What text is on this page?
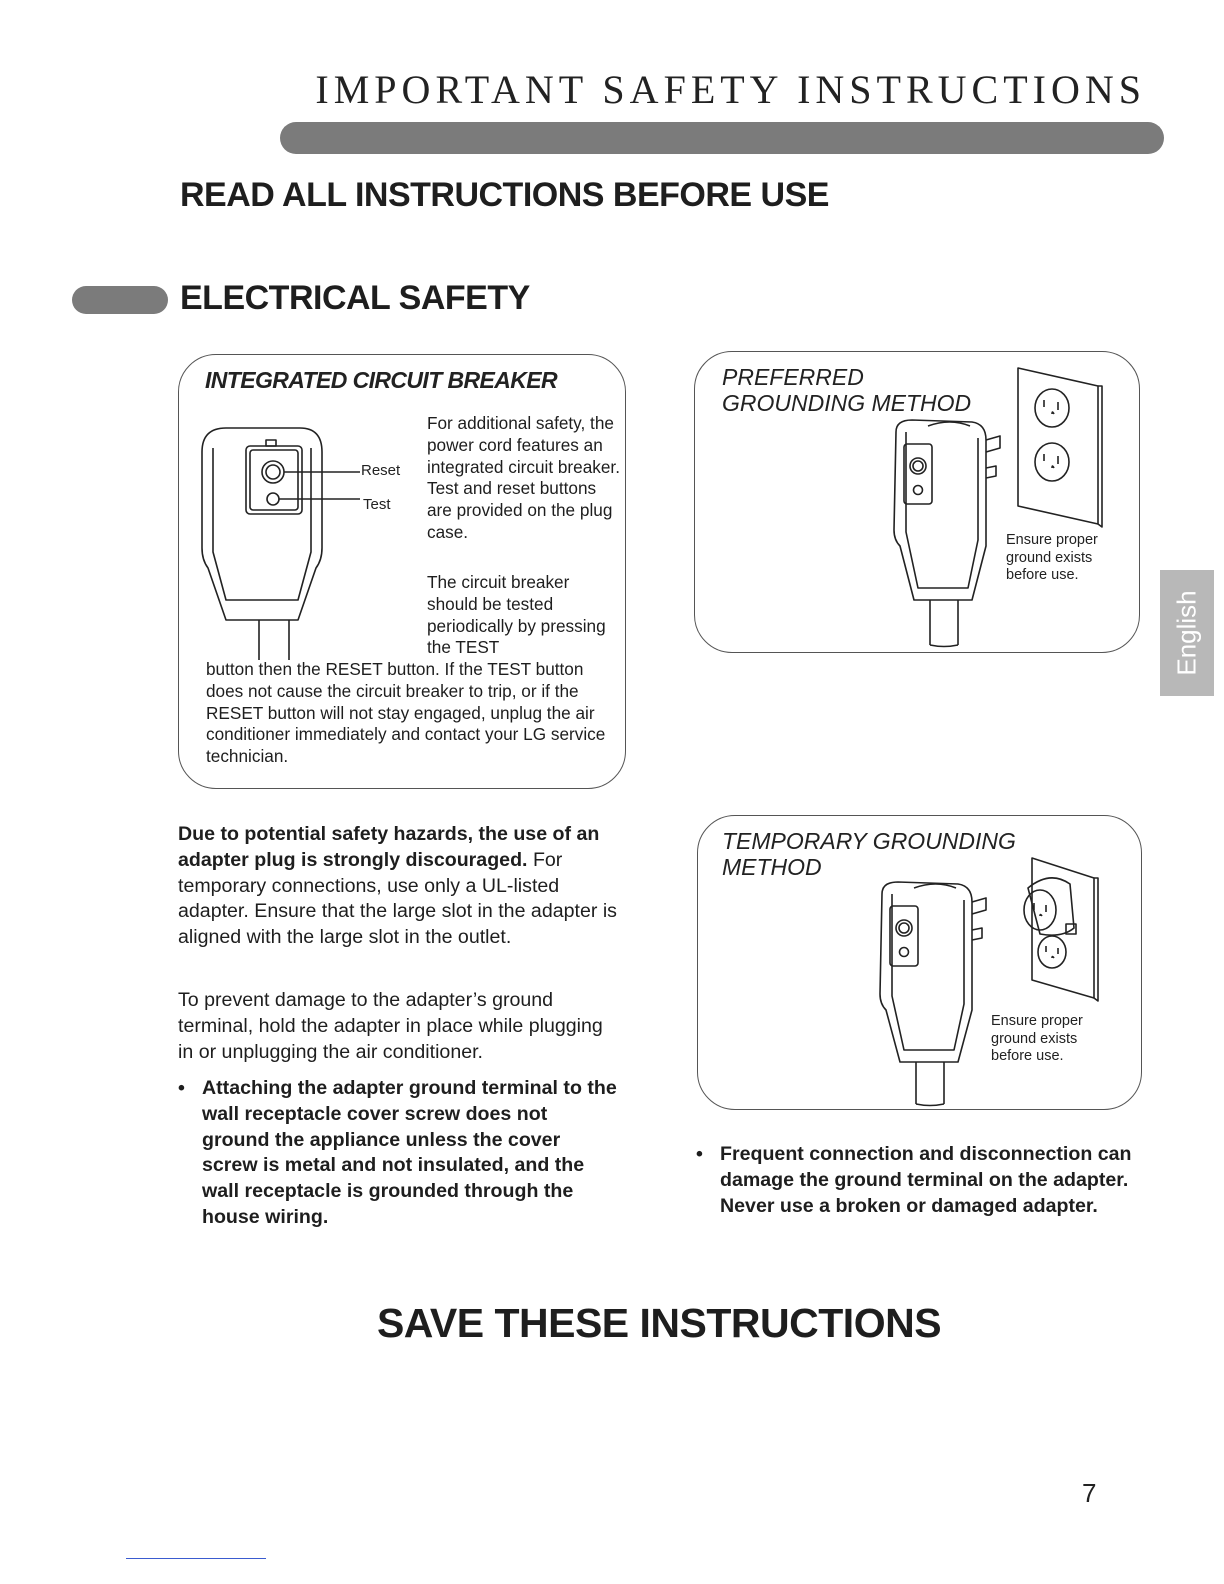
IMPORTANT SAFETY INSTRUCTIONS
READ ALL INSTRUCTIONS BEFORE USE
ELECTRICAL SAFETY
English
INTEGRATED CIRCUIT BREAKER
Reset
Test
For additional safety, the power cord features an integrated circuit breaker. Test and reset buttons are provided on the plug case.
The circuit breaker should be tested periodically by pressing the TEST
button then the RESET button. If the TEST button does not cause the circuit breaker to trip, or if the RESET button will not stay engaged, unplug the air conditioner immediately and contact your LG service technician.
PREFERRED
GROUNDING METHOD
Ensure proper
ground exists
before use.
TEMPORARY GROUNDING
METHOD
Ensure proper
ground exists
before use.
Due to potential safety hazards, the use of an adapter plug is strongly discouraged. For temporary connections, use only a UL-listed adapter. Ensure that the large slot in the adapter is aligned with the large slot in the outlet.
To prevent damage to the adapter’s ground terminal, hold the adapter in place while plugging in or unplugging the air conditioner.
• Attaching the adapter ground terminal to the wall receptacle cover screw does not ground the appliance unless the cover screw is metal and not insulated, and the wall receptacle is grounded through the house wiring.
• Frequent connection and disconnection can damage the ground terminal on the adapter. Never use a broken or damaged adapter.
SAVE THESE INSTRUCTIONS
7
